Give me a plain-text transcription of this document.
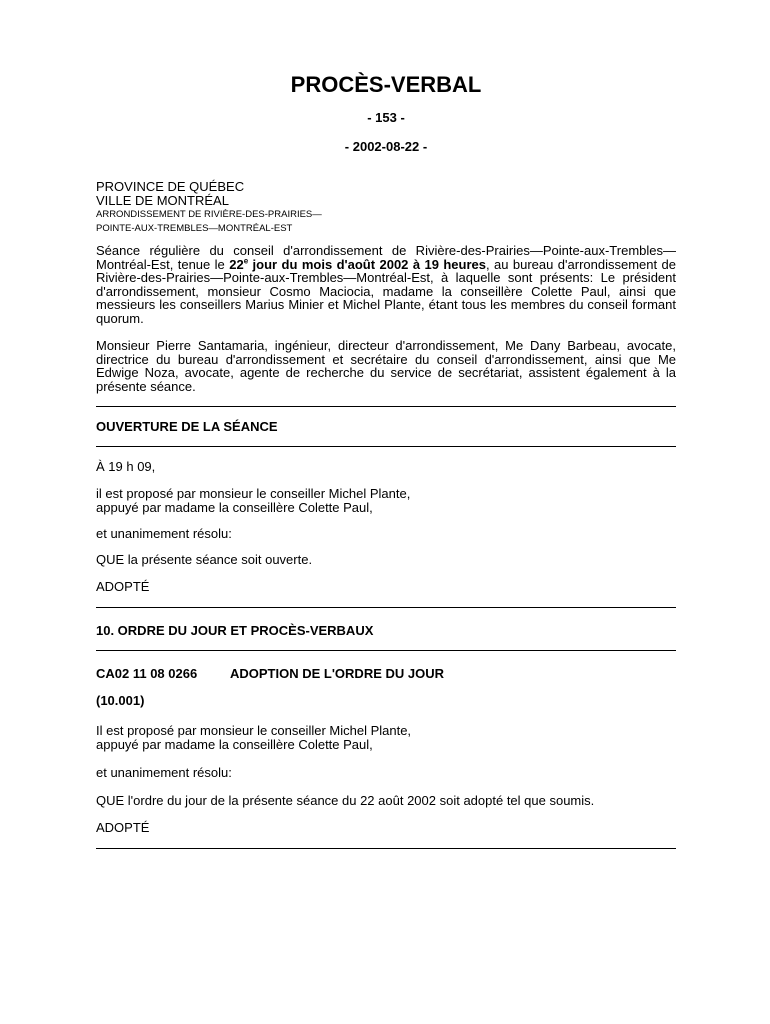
PROCÈS-VERBAL

- 153 -

- 2002-08-22 -

PROVINCE DE QUÉBEC
VILLE DE MONTRÉAL
ARRONDISSEMENT DE RIVIÈRE-DES-PRAIRIES—
POINTE-AUX-TREMBLES—MONTRÉAL-EST

Séance régulière du conseil d'arrondissement de Rivière-des-Prairies—Pointe-aux-Trembles—Montréal-Est, tenue le 22e jour du mois d'août 2002 à 19 heures, au bureau d'arrondissement de Rivière-des-Prairies—Pointe-aux-Trembles—Montréal-Est, à laquelle sont présents: Le président d'arrondissement, monsieur Cosmo Maciocia, madame la conseillère Colette Paul, ainsi que messieurs les conseillers Marius Minier et Michel Plante, étant tous les membres du conseil formant quorum.

Monsieur Pierre Santamaria, ingénieur, directeur d'arrondissement, Me Dany Barbeau, avocate, directrice du bureau d'arrondissement et secrétaire du conseil d'arrondissement, ainsi que Me Edwige Noza, avocate, agente de recherche du service de secrétariat, assistent également à la présente séance.

OUVERTURE DE LA SÉANCE

À 19 h 09,

il est proposé par monsieur le conseiller Michel Plante,
appuyé par madame la conseillère Colette Paul,

et unanimement résolu:

QUE la présente séance soit ouverte.

ADOPTÉ

10. ORDRE DU JOUR ET PROCÈS-VERBAUX

CA02 11 08 0266	ADOPTION DE L'ORDRE DU JOUR

(10.001)

Il est proposé par monsieur le conseiller Michel Plante,
appuyé par madame la conseillère Colette Paul,

et unanimement résolu:

QUE l'ordre du jour de la présente séance du 22 août 2002 soit adopté tel que soumis.

ADOPTÉ
